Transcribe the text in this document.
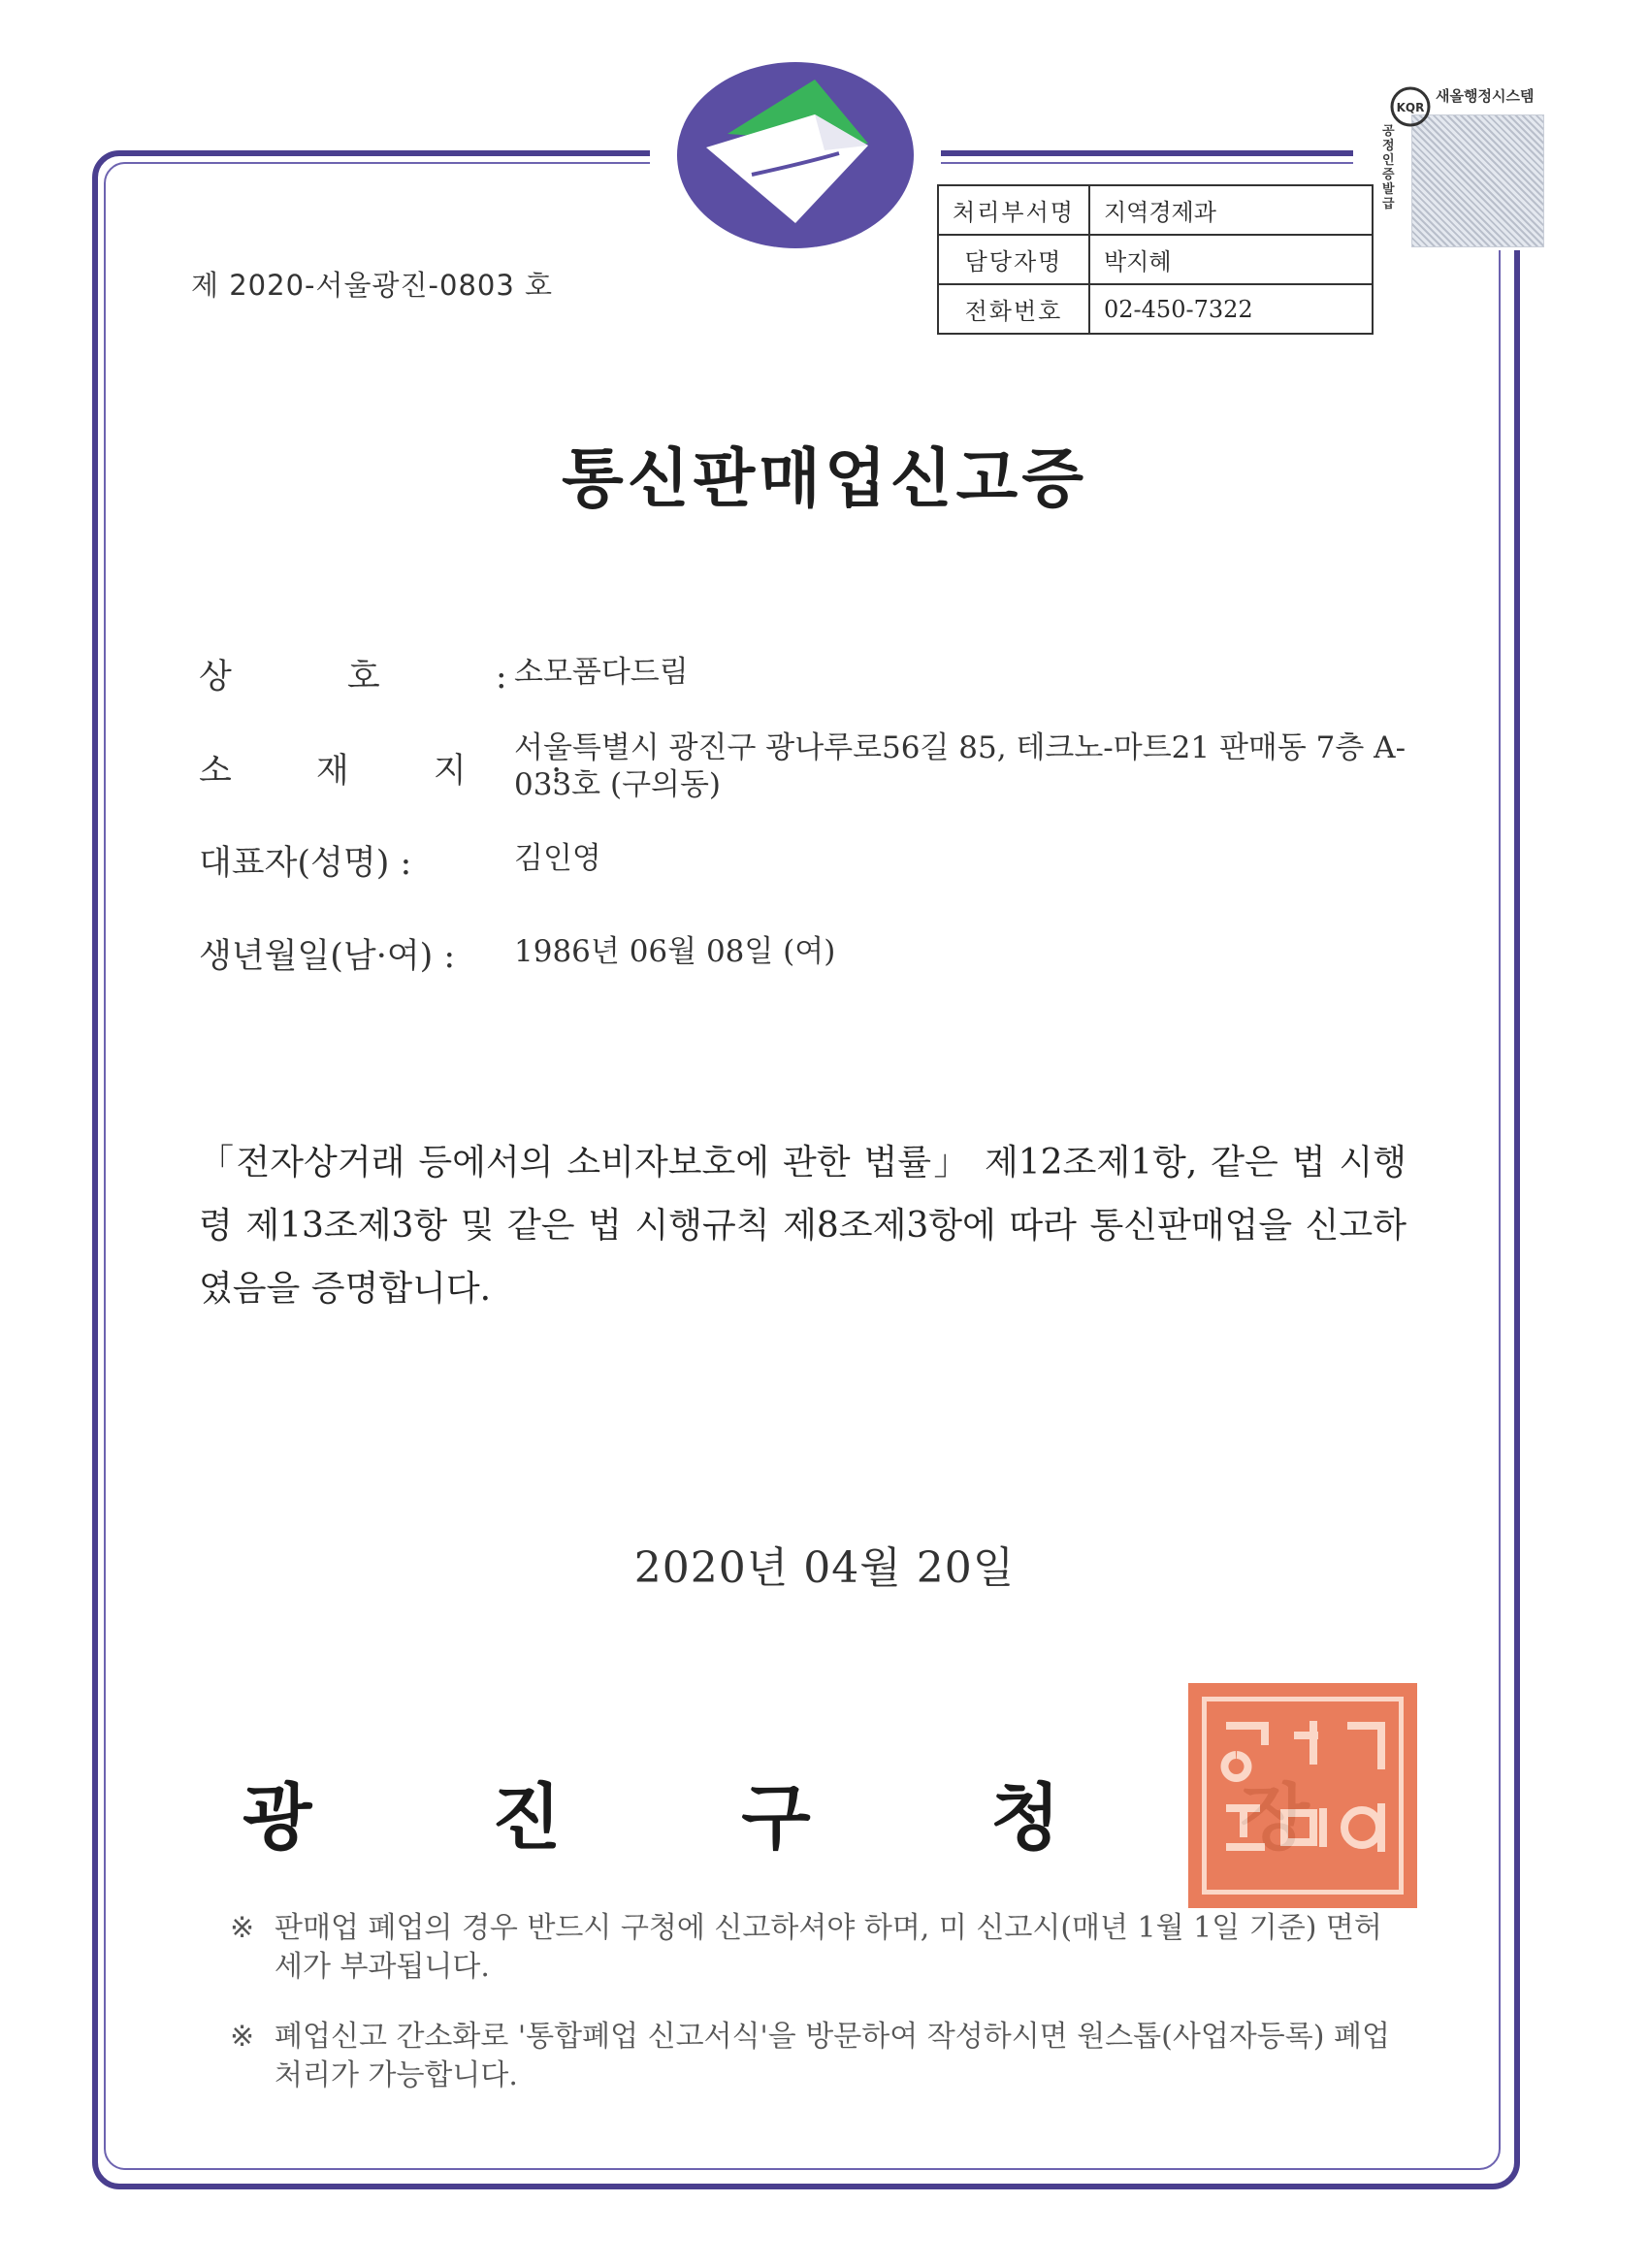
KQR
새올행정시스템
공정인증발급
제 2020-서울광진-0803 호
처리부서명	지역경제과
담당자명	박지혜
전화번호	02-450-7322
통신판매업신고증
상 호 :
소모품다드림
소 재 지 :
서울특별시 광진구 광나루로56길 85, 테크노-마트21 판매동 7층 A-033호 (구의동)
대표자(성명) :	김인영
생년월일(남·여) : 1986년 06월 08일 (여)
「전자상거래 등에서의 소비자보호에 관한 법률」 제12조제1항, 같은 법 시행령 제13조제3항 및 같은 법 시행규칙 제8조제3항에 따라 통신판매업을 신고하였음을 증명합니다.
2020년 04월 20일
광	진	구	청
※ 판매업 폐업의 경우 반드시 구청에 신고하셔야 하며, 미 신고시(매년 1월 1일 기준) 면허세가 부과됩니다.
※ 폐업신고 간소화로 '통합폐업 신고서식'을 방문하여 작성하시면 원스톱(사업자등록) 폐업 처리가 가능합니다.
